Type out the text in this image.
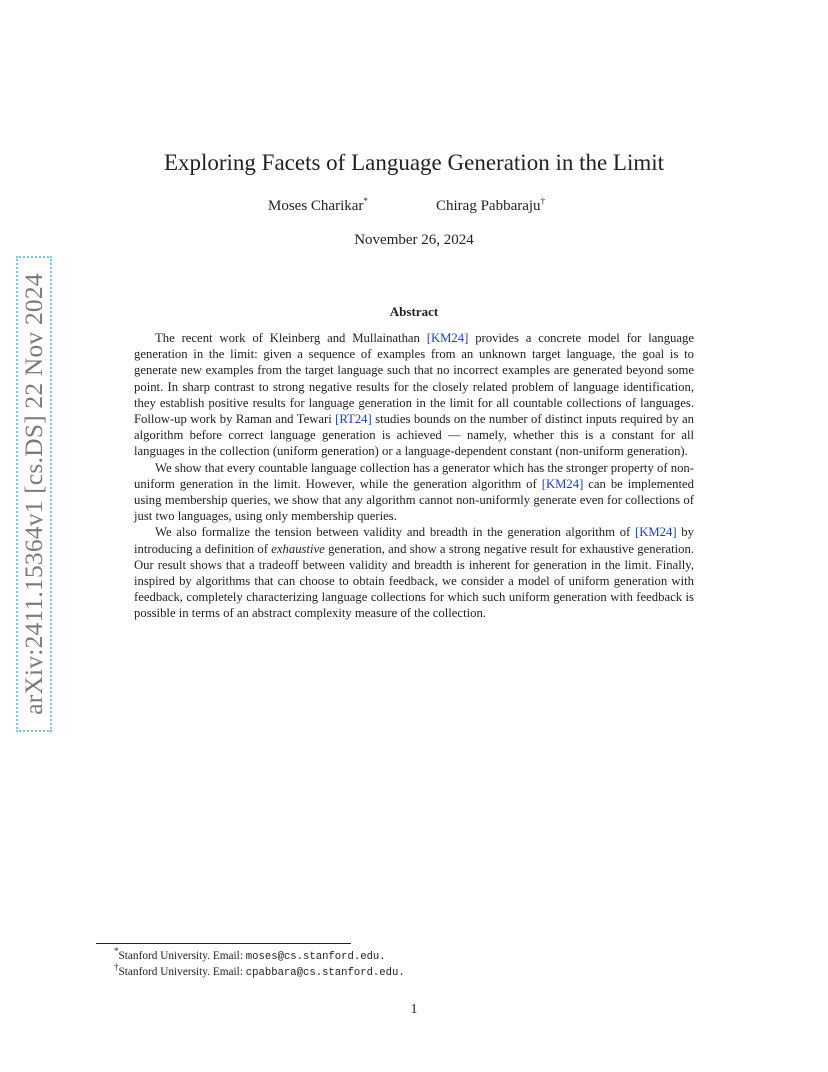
arXiv:2411.15364v1 [cs.DS] 22 Nov 2024
Exploring Facets of Language Generation in the Limit
Moses Charikar*	Chirag Pabbaraju†
November 26, 2024
Abstract

The recent work of Kleinberg and Mullainathan [KM24] provides a concrete model for language generation in the limit: given a sequence of examples from an unknown target language, the goal is to generate new examples from the target language such that no incorrect examples are generated beyond some point. In sharp contrast to strong negative results for the closely related problem of language identification, they establish positive results for language generation in the limit for all countable collections of languages. Follow-up work by Raman and Tewari [RT24] studies bounds on the number of distinct inputs required by an algorithm before correct language generation is achieved — namely, whether this is a constant for all languages in the collection (uniform generation) or a language-dependent constant (non-uniform generation).

We show that every countable language collection has a generator which has the stronger property of non-uniform generation in the limit. However, while the generation algorithm of [KM24] can be implemented using membership queries, we show that any algorithm cannot non-uniformly generate even for collections of just two languages, using only membership queries.

We also formalize the tension between validity and breadth in the generation algorithm of [KM24] by introducing a definition of exhaustive generation, and show a strong negative result for exhaustive generation. Our result shows that a tradeoff between validity and breadth is inherent for generation in the limit. Finally, inspired by algorithms that can choose to obtain feedback, we consider a model of uniform generation with feedback, completely characterizing language collections for which such uniform generation with feedback is possible in terms of an abstract complexity measure of the collection.

*Stanford University. Email: moses@cs.stanford.edu.
†Stanford University. Email: cpabbara@cs.stanford.edu.
1
